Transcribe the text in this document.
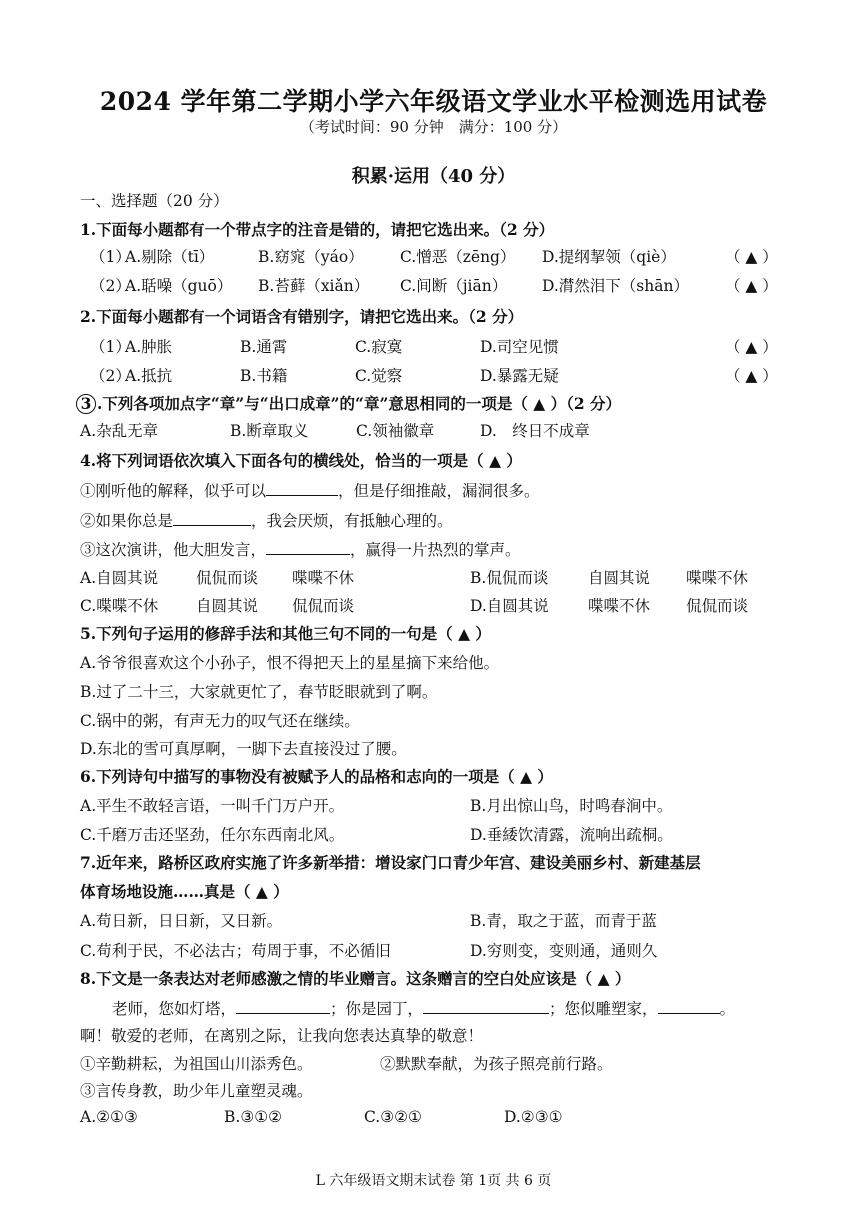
2024 学年第二学期小学六年级语文学业水平检测选用试卷
（考试时间：90 分钟　满分：100 分）
积累·运用（40 分）
一、选择题（20 分）
1.下面每小题都有一个带点字的注音是错的，请把它选出来。（2 分）
（1）
A.剔除（tī）	B.窈窕（yáo） C.憎恶（zēng） D.提纲挈领（qiè）	（ ▲ ）
（2）
A.聒噪（guō） B.苔藓（xiǎn） C.间断（jiān） D.潸然泪下（shān） （ ▲ ）
2.下面每小题都有一个词语含有错别字，请把它选出来。（2 分）
（1）
A.肿胀	B.通霄	C.寂寞	D.司空见惯	（ ▲ ）
（2）
A.抵抗	B.书籍	C.觉察	D.暴露无疑	（ ▲ ）
3 .下列各项加点字“章”与“出口成章”的“章”意思相同的一项是（ ▲ ）（2 分）
A.杂乱无章	B.断章取义	C.领袖徽章	D.　终日不成章
4.将下列词语依次填入下面各句的横线处，恰当的一项是（ ▲ ）
①刚听他的解释，似乎可以	，但是仔细推敲，漏洞很多。
②如果你总是	，我会厌烦，有抵触心理的。
③这次演讲，他大胆发言，	，赢得一片热烈的掌声。
A.自圆其说 侃侃而谈 喋喋不休	B.侃侃而谈	自圆其说 喋喋不休
C.喋喋不休 自圆其说 侃侃而谈	D.自圆其说	喋喋不休 侃侃而谈
5.下列句子运用的修辞手法和其他三句不同的一句是（ ▲ ）
A.爷爷很喜欢这个小孙子，恨不得把天上的星星摘下来给他。
B.过了二十三，大家就更忙了，春节眨眼就到了啊。
C.锅中的粥，有声无力的叹气还在继续。
D.东北的雪可真厚啊，一脚下去直接没过了腰。
6.下列诗句中描写的事物没有被赋予人的品格和志向的一项是（ ▲ ）
A.平生不敢轻言语，一叫千门万户开。	B.月出惊山鸟，时鸣春涧中。
C.千磨万击还坚劲，任尔东西南北风。	D.垂緌饮清露，流响出疏桐。
7.近年来，路桥区政府实施了许多新举措：增设家门口青少年宫、建设美丽乡村、新建基层
体育场地设施……真是（ ▲ ）
A.苟日新，日日新，又日新。	B.青，取之于蓝，而青于蓝
C.苟利于民，不必法古；苟周于事，不必循旧	D.穷则变，变则通，通则久
8.下文是一条表达对老师感激之情的毕业赠言。这条赠言的空白处应该是（ ▲ ）
老师，您如灯塔，	；你是园丁，	；您似雕塑家，	。
啊！敬爱的老师，在离别之际，让我向您表达真挚的敬意！
①辛勤耕耘，为祖国山川添秀色。	②默默奉献，为孩子照亮前行路。
③言传身教，助少年儿童塑灵魂。
A.②①③	B.③①②	C.③②①	D.②③①
L 六年级语文期末试卷 第 1页 共 6 页
